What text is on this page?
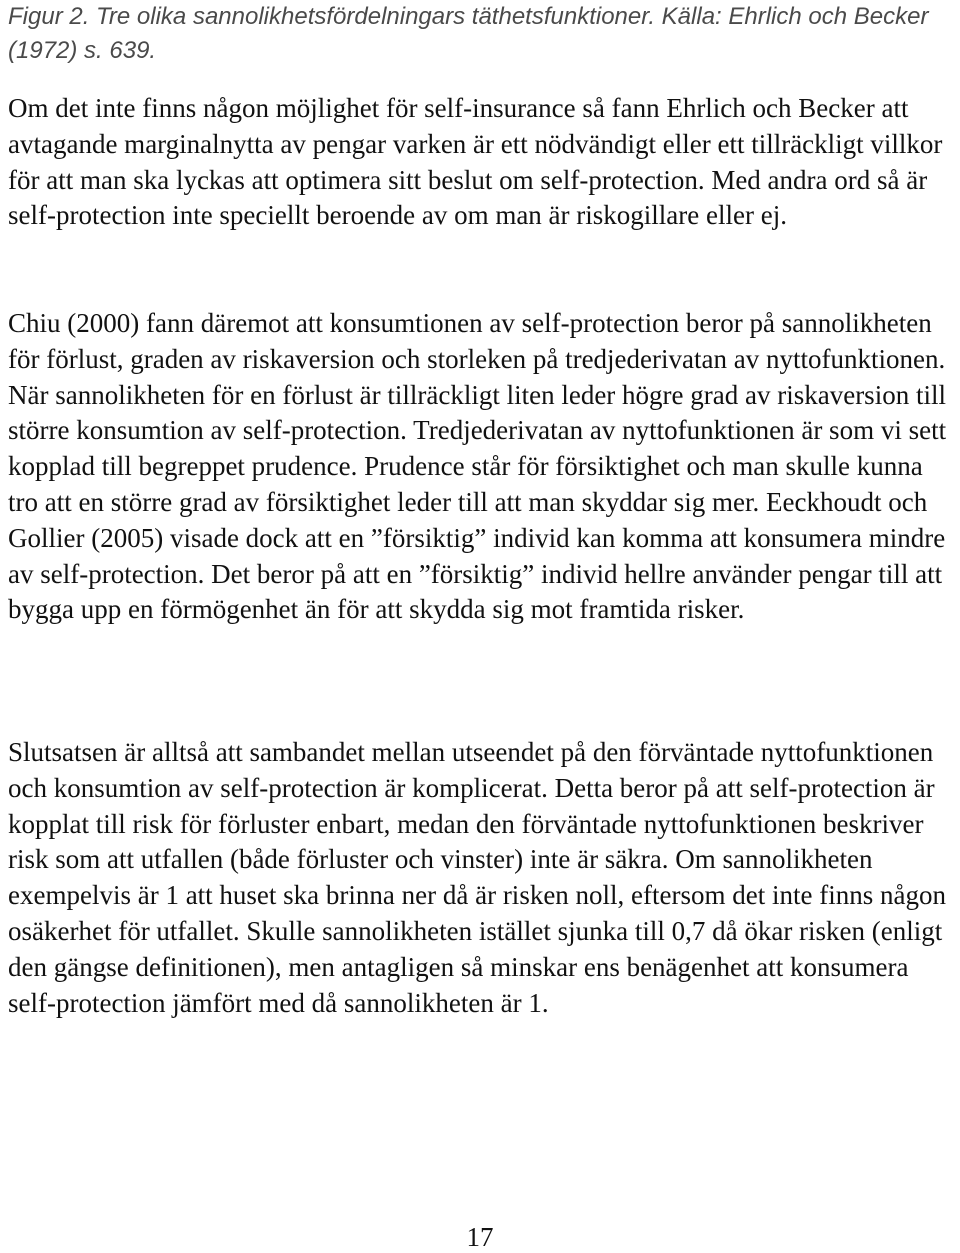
Figur 2. Tre olika sannolikhetsfördelningars täthetsfunktioner. Källa: Ehrlich och Becker (1972) s. 639.

Om det inte finns någon möjlighet för self-insurance så fann Ehrlich och Becker att avtagande marginalnytta av pengar varken är ett nödvändigt eller ett tillräckligt villkor för att man ska lyckas att optimera sitt beslut om self-protection. Med andra ord så är self-protection inte speciellt beroende av om man är riskogillare eller ej.

Chiu (2000) fann däremot att konsumtionen av self-protection beror på sannolikheten för förlust, graden av riskaversion och storleken på tredjederivatan av nyttofunktionen. När sannolikheten för en förlust är tillräckligt liten leder högre grad av riskaversion till större konsumtion av self-protection. Tredjederivatan av nyttofunktionen är som vi sett kopplad till begreppet prudence. Prudence står för försiktighet och man skulle kunna tro att en större grad av försiktighet leder till att man skyddar sig mer. Eeckhoudt och Gollier (2005) visade dock att en ”försiktig” individ kan komma att konsumera mindre av self-protection. Det beror på att en ”försiktig” individ hellre använder pengar till att bygga upp en förmögenhet än för att skydda sig mot framtida risker.

Slutsatsen är alltså att sambandet mellan utseendet på den förväntade nyttofunktionen och konsumtion av self-protection är komplicerat. Detta beror på att self-protection är kopplat till risk för förluster enbart, medan den förväntade nyttofunktionen beskriver risk som att utfallen (både förluster och vinster) inte är säkra. Om sannolikheten exempelvis är 1 att huset ska brinna ner då är risken noll, eftersom det inte finns någon osäkerhet för utfallet. Skulle sannolikheten istället sjunka till 0,7 då ökar risken (enligt den gängse definitionen), men antagligen så minskar ens benägenhet att konsumera self-protection jämfört med då sannolikheten är 1.

17
